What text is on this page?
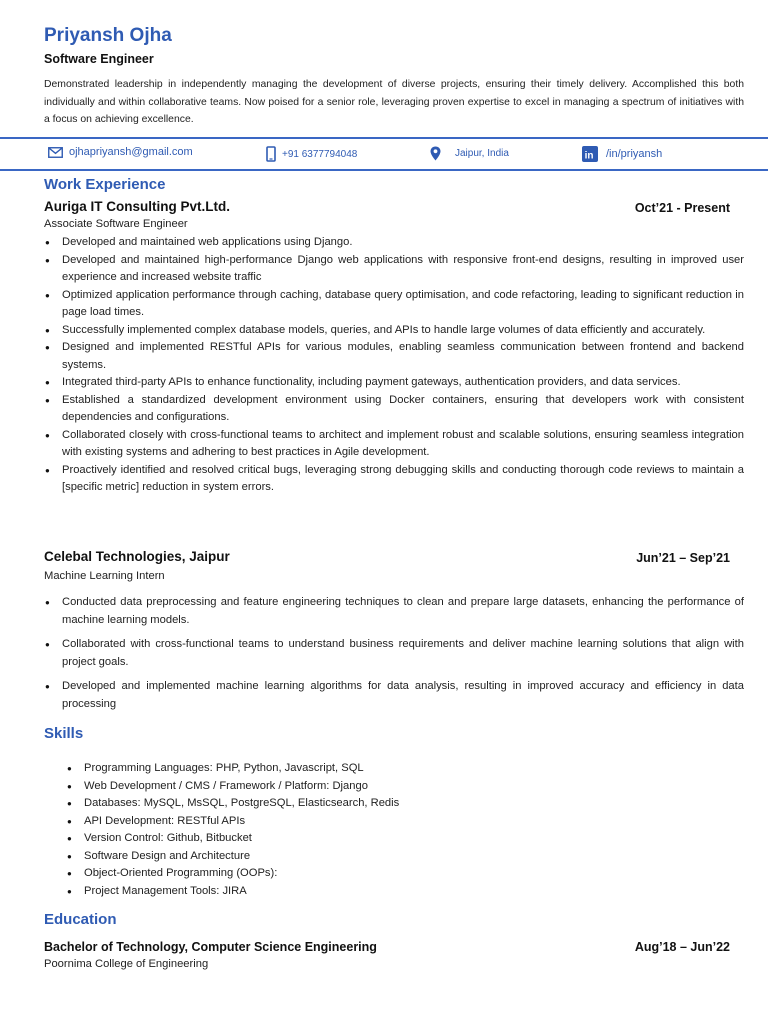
Priyansh Ojha
Software Engineer
Demonstrated leadership in independently managing the development of diverse projects, ensuring their timely delivery. Accomplished this both individually and within collaborative teams. Now poised for a senior role, leveraging proven expertise to excel in managing a spectrum of initiatives with a focus on achieving excellence.
ojhapriyansh@gmail.com	+91 6377794048	Jaipur, India	in /in/priyansh
Work Experience
Auriga IT Consulting Pvt.Ltd.	Oct’21 - Present
Associate Software Engineer
● Developed and maintained web applications using Django.
● Developed and maintained high-performance Django web applications with responsive front-end designs, resulting in improved user experience and increased website traffic
● Optimized application performance through caching, database query optimisation, and code refactoring, leading to significant reduction in page load times.
● Successfully implemented complex database models, queries, and APIs to handle large volumes of data efficiently and accurately.
● Designed and implemented RESTful APIs for various modules, enabling seamless communication between frontend and backend systems.
● Integrated third-party APIs to enhance functionality, including payment gateways, authentication providers, and data services.
● Established a standardized development environment using Docker containers, ensuring that developers work with consistent dependencies and configurations.
● Collaborated closely with cross-functional teams to architect and implement robust and scalable solutions, ensuring seamless integration with existing systems and adhering to best practices in Agile development.
● Proactively identified and resolved critical bugs, leveraging strong debugging skills and conducting thorough code reviews to maintain a [specific metric] reduction in system errors.
Celebal Technologies, Jaipur	Jun’21 – Sep’21
Machine Learning Intern
● Conducted data preprocessing and feature engineering techniques to clean and prepare large datasets, enhancing the performance of machine learning models.
● Collaborated with cross-functional teams to understand business requirements and deliver machine learning solutions that align with project goals.
● Developed and implemented machine learning algorithms for data analysis, resulting in improved accuracy and efficiency in data processing
Skills
● Programming Languages: PHP, Python, Javascript, SQL
● Web Development / CMS / Framework / Platform: Django
● Databases: MySQL, MsSQL, PostgreSQL, Elasticsearch, Redis
● API Development: RESTful APIs
● Version Control: Github, Bitbucket
● Software Design and Architecture
● Object-Oriented Programming (OOPs):
● Project Management Tools: JIRA
Education
Bachelor of Technology, Computer Science Engineering	Aug’18 – Jun’22
Poornima College of Engineering
